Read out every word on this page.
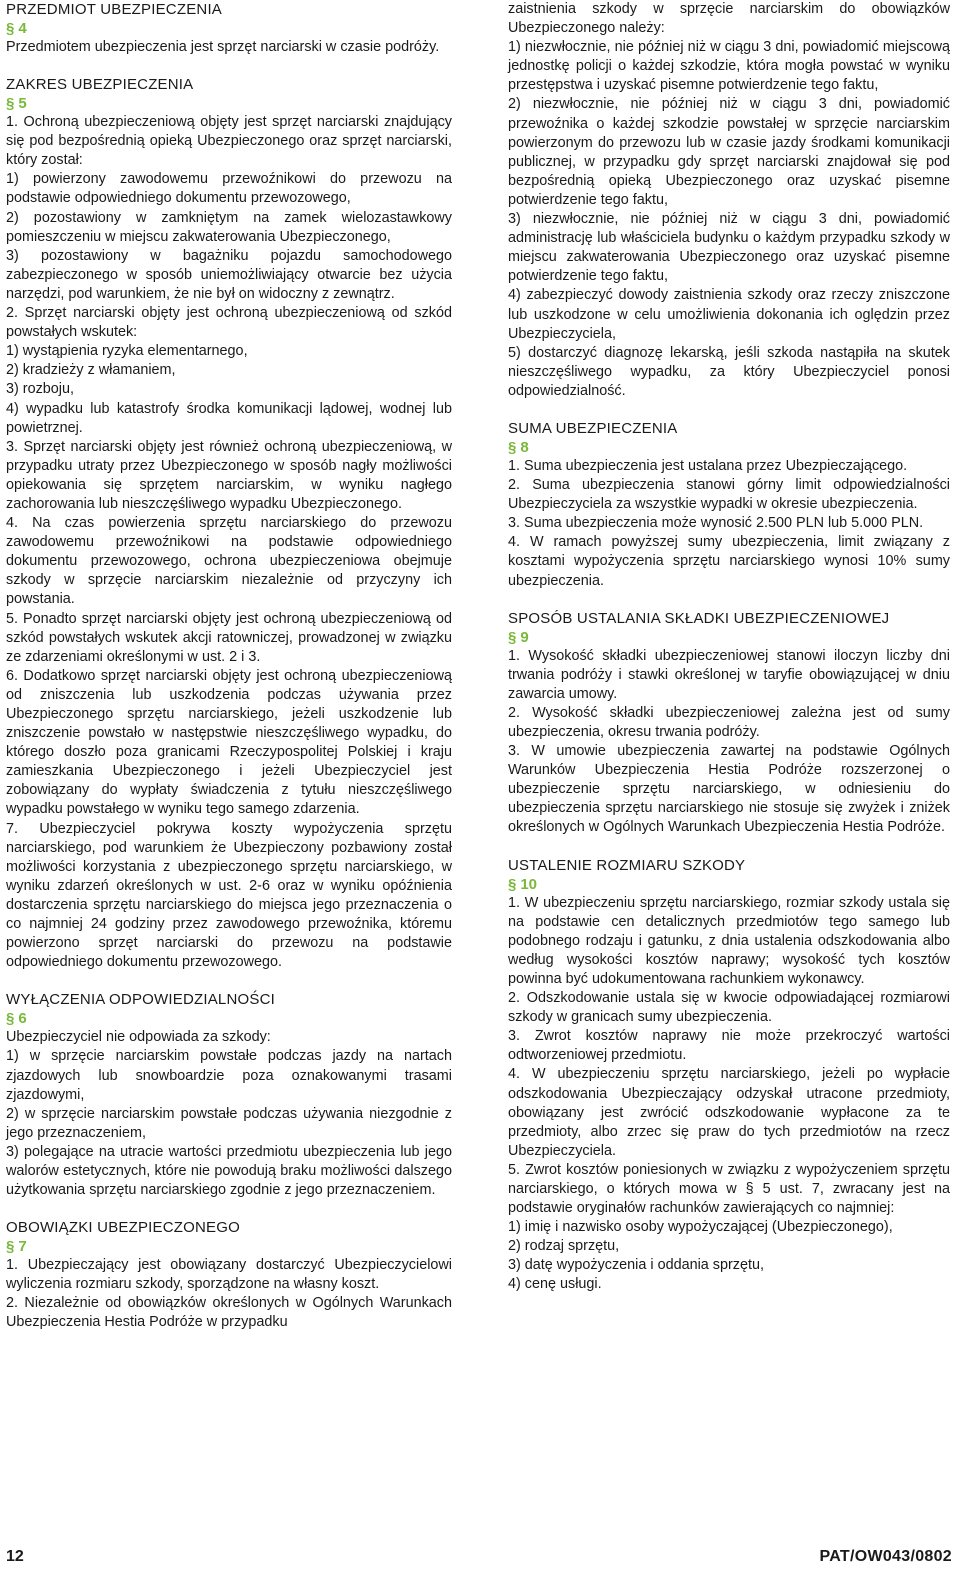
PRZEDMIOT UBEZPIECZENIA
§ 4

Przedmiotem ubezpieczenia jest sprzęt narciarski w czasie podróży.

ZAKRES UBEZPIECZENIA
§ 5

1. Ochroną ubezpieczeniową objęty jest sprzęt narciarski znajdujący się pod bezpośrednią opieką Ubezpieczonego oraz sprzęt narciarski, który został:

1) powierzony zawodowemu przewoźnikowi do przewozu na podstawie odpowiedniego dokumentu przewozowego,

2) pozostawiony w zamkniętym na zamek wielozastawkowy pomieszczeniu w miejscu zakwaterowania Ubezpieczonego,

3) pozostawiony w bagażniku pojazdu samochodowego zabezpieczonego w sposób uniemożliwiający otwarcie bez użycia narzędzi, pod warunkiem, że nie był on widoczny z zewnątrz.

2. Sprzęt narciarski objęty jest ochroną ubezpieczeniową od szkód powstałych wskutek:

1) wystąpienia ryzyka elementarnego,

2) kradzieży z włamaniem,

3) rozboju,

4) wypadku lub katastrofy środka komunikacji lądowej, wodnej lub powietrznej.

3. Sprzęt narciarski objęty jest również ochroną ubezpieczeniową, w przypadku utraty przez Ubezpieczonego w sposób nagły możliwości opiekowania się sprzętem narciarskim, w wyniku nagłego zachorowania lub nieszczęśliwego wypadku Ubezpieczonego.

4. Na czas powierzenia sprzętu narciarskiego do przewozu zawodowemu przewoźnikowi na podstawie odpowiedniego dokumentu przewozowego, ochrona ubezpieczeniowa obejmuje szkody w sprzęcie narciarskim niezależnie od przyczyny ich powstania.

5. Ponadto sprzęt narciarski objęty jest ochroną ubezpieczeniową od szkód powstałych wskutek akcji ratowniczej, prowadzonej w związku ze zdarzeniami określonymi w ust. 2 i 3.

6. Dodatkowo sprzęt narciarski objęty jest ochroną ubezpieczeniową od zniszczenia lub uszkodzenia podczas używania przez Ubezpieczonego sprzętu narciarskiego, jeżeli uszkodzenie lub zniszczenie powstało w następstwie nieszczęśliwego wypadku, do którego doszło poza granicami Rzeczypospolitej Polskiej i kraju zamieszkania Ubezpieczonego i jeżeli Ubezpieczyciel jest zobowiązany do wypłaty świadczenia z tytułu nieszczęśliwego wypadku powstałego w wyniku tego samego zdarzenia.

7. Ubezpieczyciel pokrywa koszty wypożyczenia sprzętu narciarskiego, pod warunkiem że Ubezpieczony pozbawiony został możliwości korzystania z ubezpieczonego sprzętu narciarskiego, w wyniku zdarzeń określonych w ust. 2-6 oraz w wyniku opóźnienia dostarczenia sprzętu narciarskiego do miejsca jego przeznaczenia o co najmniej 24 godziny przez zawodowego przewoźnika, któremu powierzono sprzęt narciarski do przewozu na podstawie odpowiedniego dokumentu przewozowego.

WYŁĄCZENIA ODPOWIEDZIALNOŚCI
§ 6

Ubezpieczyciel nie odpowiada za szkody:

1) w sprzęcie narciarskim powstałe podczas jazdy na nartach zjazdowych lub snowboardzie poza oznakowanymi trasami zjazdowymi,

2) w sprzęcie narciarskim powstałe podczas używania niezgodnie z jego przeznaczeniem,

3) polegające na utracie wartości przedmiotu ubezpieczenia lub jego walorów estetycznych, które nie powodują braku możliwości dalszego użytkowania sprzętu narciarskiego zgodnie z jego przeznaczeniem.

OBOWIĄZKI UBEZPIECZONEGO
§ 7

1. Ubezpieczający jest obowiązany dostarczyć Ubezpieczycielowi wyliczenia rozmiaru szkody, sporządzone na własny koszt.

2. Niezależnie od obowiązków określonych w Ogólnych Warunkach Ubezpieczenia Hestia Podróże w przypadku

zaistnienia szkody w sprzęcie narciarskim do obowiązków Ubezpieczonego należy:

1) niezwłocznie, nie później niż w ciągu 3 dni, powiadomić miejscową jednostkę policji o każdej szkodzie, która mogła powstać w wyniku przestępstwa i uzyskać pisemne potwierdzenie tego faktu,

2) niezwłocznie, nie później niż w ciągu 3 dni, powiadomić przewoźnika o każdej szkodzie powstałej w sprzęcie narciarskim powierzonym do przewozu lub w czasie jazdy środkami komunikacji publicznej, w przypadku gdy sprzęt narciarski znajdował się pod bezpośrednią opieką Ubezpieczonego oraz uzyskać pisemne potwierdzenie tego faktu,

3) niezwłocznie, nie później niż w ciągu 3 dni, powiadomić administrację lub właściciela budynku o każdym przypadku szkody w miejscu zakwaterowania Ubezpieczonego oraz uzyskać pisemne potwierdzenie tego faktu,

4) zabezpieczyć dowody zaistnienia szkody oraz rzeczy zniszczone lub uszkodzone w celu umożliwienia dokonania ich oględzin przez Ubezpieczyciela,

5) dostarczyć diagnozę lekarską, jeśli szkoda nastąpiła na skutek nieszczęśliwego wypadku, za który Ubezpieczyciel ponosi odpowiedzialność.

SUMA UBEZPIECZENIA
§ 8

1. Suma ubezpieczenia jest ustalana przez Ubezpieczającego.

2. Suma ubezpieczenia stanowi górny limit odpowiedzialności Ubezpieczyciela za wszystkie wypadki w okresie ubezpieczenia.

3. Suma ubezpieczenia może wynosić 2.500 PLN lub 5.000 PLN.

4. W ramach powyższej sumy ubezpieczenia, limit związany z kosztami wypożyczenia sprzętu narciarskiego wynosi 10% sumy ubezpieczenia.

SPOSÓB USTALANIA SKŁADKI UBEZPIECZENIOWEJ
§ 9

1. Wysokość składki ubezpieczeniowej stanowi iloczyn liczby dni trwania podróży i stawki określonej w taryfie obowiązującej w dniu zawarcia umowy.

2. Wysokość składki ubezpieczeniowej zależna jest od sumy ubezpieczenia, okresu trwania podróży.

3. W umowie ubezpieczenia zawartej na podstawie Ogólnych Warunków Ubezpieczenia Hestia Podróże rozszerzonej o ubezpieczenie sprzętu narciarskiego, w odniesieniu do ubezpieczenia sprzętu narciarskiego nie stosuje się zwyżek i zniżek określonych w Ogólnych Warunkach Ubezpieczenia Hestia Podróże.

USTALENIE ROZMIARU SZKODY
§ 10

1. W ubezpieczeniu sprzętu narciarskiego, rozmiar szkody ustala się na podstawie cen detalicznych przedmiotów tego samego lub podobnego rodzaju i gatunku, z dnia ustalenia odszkodowania albo według wysokości kosztów naprawy; wysokość tych kosztów powinna być udokumentowana rachunkiem wykonawcy.

2. Odszkodowanie ustala się w kwocie odpowiadającej rozmiarowi szkody w granicach sumy ubezpieczenia.

3. Zwrot kosztów naprawy nie może przekroczyć wartości odtworzeniowej przedmiotu.

4. W ubezpieczeniu sprzętu narciarskiego, jeżeli po wypłacie odszkodowania Ubezpieczający odzyskał utracone przedmioty, obowiązany jest zwrócić odszkodowanie wypłacone za te przedmioty, albo zrzec się praw do tych przedmiotów na rzecz Ubezpieczyciela.

5. Zwrot kosztów poniesionych w związku z wypożyczeniem sprzętu narciarskiego, o których mowa w § 5 ust. 7, zwracany jest na podstawie oryginałów rachunków zawierających co najmniej:

1) imię i nazwisko osoby wypożyczającej (Ubezpieczonego),

2) rodzaj sprzętu,

3) datę wypożyczenia i oddania sprzętu,

4) cenę usługi.

12	PAT/OW043/0802
